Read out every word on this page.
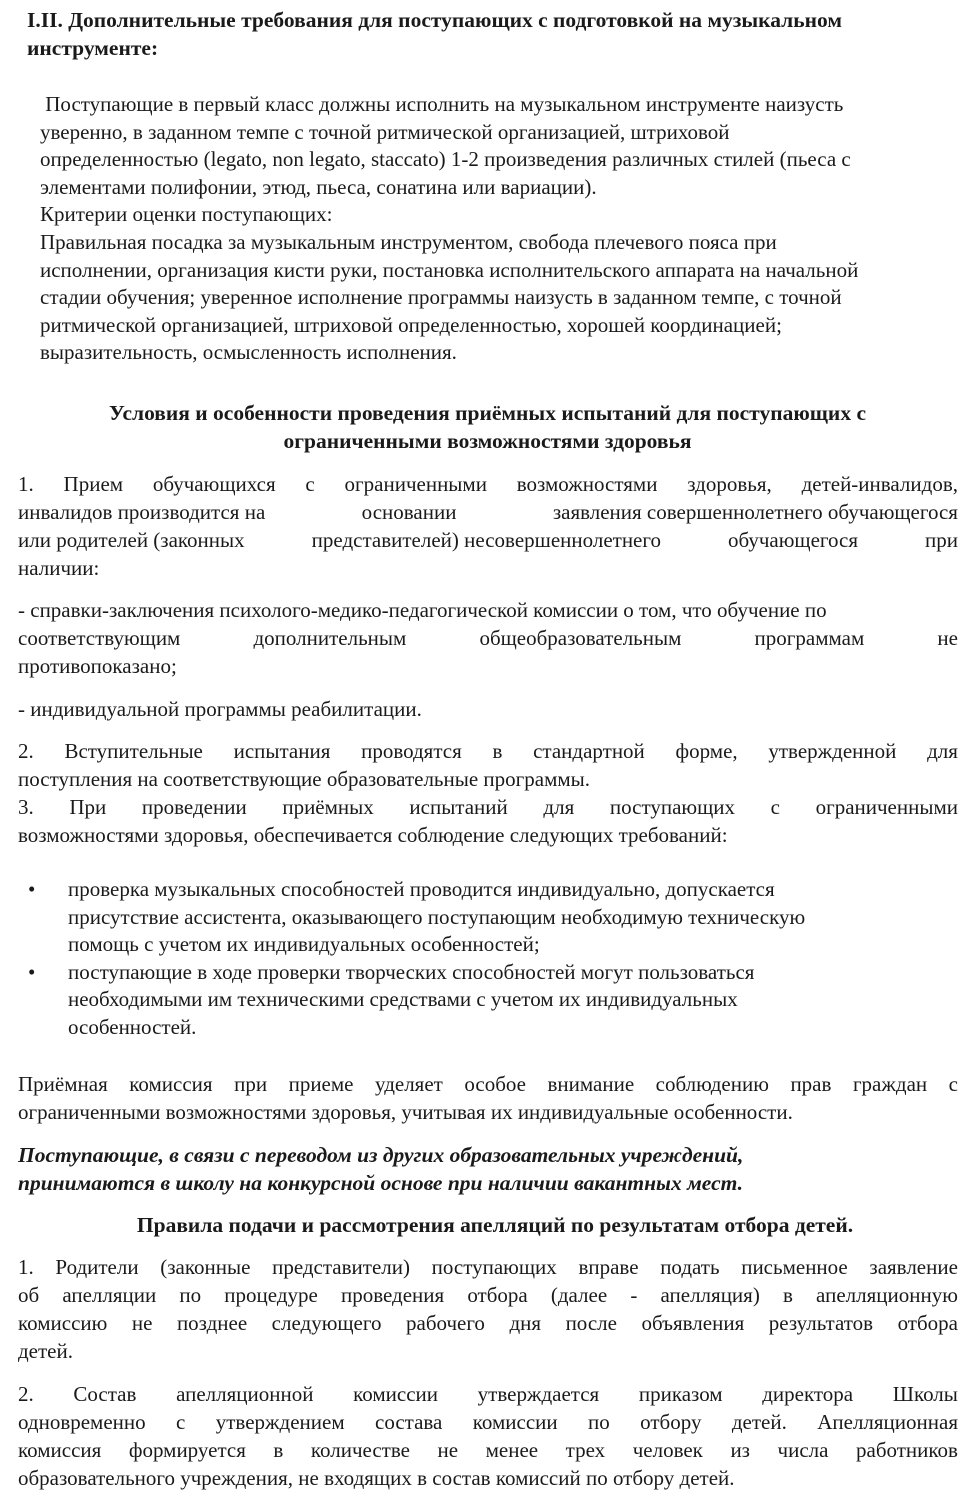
I.II. Дополнительные требования для поступающих с подготовкой на музыкальном
инструменте:
Поступающие в первый класс должны исполнить на музыкальном инструменте наизусть
уверенно, в заданном темпе с точной ритмической организацией, штриховой
определенностью (legato, non legato, staccato) 1-2 произведения различных стилей (пьеса с
элементами полифонии, этюд, пьеса, сонатина или вариации).
Критерии оценки поступающих:
Правильная посадка за музыкальным инструментом, свобода плечевого пояса при
исполнении, организация кисти руки, постановка исполнительского аппарата на начальной
стадии обучения; уверенное исполнение программы наизусть в заданном темпе, с точной
ритмической организацией, штриховой определенностью, хорошей координацией;
выразительность, осмысленность исполнения.
Условия и особенности проведения приёмных испытаний для поступающих с
ограниченными возможностями здоровья
1. Прием обучающихся с ограниченными возможностями здоровья, детей-инвалидов,
инвалидов производится на	основании	заявления совершеннолетнего обучающегося
или родителей (законных	представителей) несовершеннолетнего	обучающегося	при
наличии:
- справки-заключения психолого-медико-педагогической комиссии о том, что обучение по
соответствующим	дополнительным	общеобразовательным	программам	не
противопоказано;
- индивидуальной программы реабилитации.
2. Вступительные испытания проводятся в стандартной форме, утвержденной для
поступления на соответствующие образовательные программы.
3. При проведении приёмных испытаний для поступающих с ограниченными
возможностями здоровья, обеспечивается соблюдение следующих требований:
• проверка музыкальных способностей проводится индивидуально, допускается
присутствие ассистента, оказывающего поступающим необходимую техническую
помощь с учетом их индивидуальных особенностей;
• поступающие в ходе проверки творческих способностей могут пользоваться
необходимыми им техническими средствами с учетом их индивидуальных
особенностей.
Приёмная комиссия при приеме уделяет особое внимание соблюдению прав граждан с
ограниченными возможностями здоровья, учитывая их индивидуальные особенности.
Поступающие, в связи с переводом из других образовательных учреждений,
принимаются в школу на конкурсной основе при наличии вакантных мест.
Правила подачи и рассмотрения апелляций по результатам отбора детей.
1. Родители (законные представители) поступающих вправе подать письменное заявление
об апелляции по процедуре проведения отбора (далее - апелляция) в апелляционную
комиссию не позднее следующего рабочего дня после объявления результатов отбора
детей.
2. Состав апелляционной комиссии утверждается приказом директора Школы
одновременно с утверждением состава комиссии по отбору детей. Апелляционная
комиссия формируется в количестве не менее трех человек из числа работников
образовательного учреждения, не входящих в состав комиссий по отбору детей.
